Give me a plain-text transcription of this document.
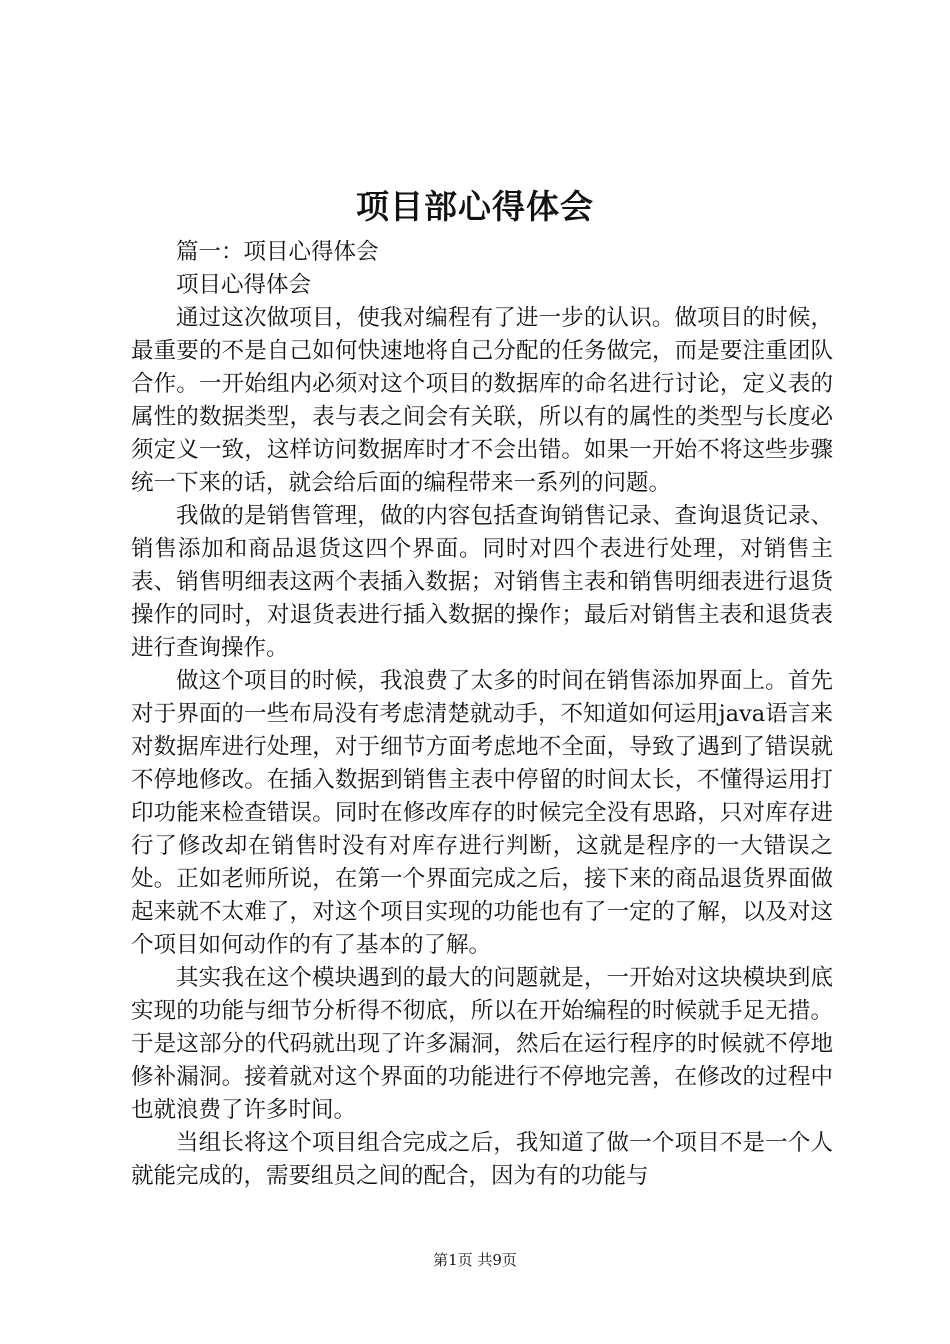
项目部心得体会

篇一：项目心得体会

项目心得体会

通过这次做项目，使我对编程有了进一步的认识。做项目的时候，最重要的不是自己如何快速地将自己分配的任务做完，而是要注重团队合作。一开始组内必须对这个项目的数据库的命名进行讨论，定义表的属性的数据类型，表与表之间会有关联，所以有的属性的类型与长度必须定义一致，这样访问数据库时才不会出错。如果一开始不将这些步骤统一下来的话，就会给后面的编程带来一系列的问题。

我做的是销售管理，做的内容包括查询销售记录、查询退货记录、销售添加和商品退货这四个界面。同时对四个表进行处理，对销售主表、销售明细表这两个表插入数据；对销售主表和销售明细表进行退货操作的同时，对退货表进行插入数据的操作；最后对销售主表和退货表进行查询操作。

做这个项目的时候，我浪费了太多的时间在销售添加界面上。首先对于界面的一些布局没有考虑清楚就动手，不知道如何运用java语言来对数据库进行处理，对于细节方面考虑地不全面，导致了遇到了错误就不停地修改。在插入数据到销售主表中停留的时间太长，不懂得运用打印功能来检查错误。同时在修改库存的时候完全没有思路，只对库存进行了修改却在销售时没有对库存进行判断，这就是程序的一大错误之处。正如老师所说，在第一个界面完成之后，接下来的商品退货界面做起来就不太难了，对这个项目实现的功能也有了一定的了解，以及对这个项目如何动作的有了基本的了解。

其实我在这个模块遇到的最大的问题就是，一开始对这块模块到底实现的功能与细节分析得不彻底，所以在开始编程的时候就手足无措。于是这部分的代码就出现了许多漏洞，然后在运行程序的时候就不停地修补漏洞。接着就对这个界面的功能进行不停地完善，在修改的过程中也就浪费了许多时间。

当组长将这个项目组合完成之后，我知道了做一个项目不是一个人就能完成的，需要组员之间的配合，因为有的功能与

第1页 共9页
